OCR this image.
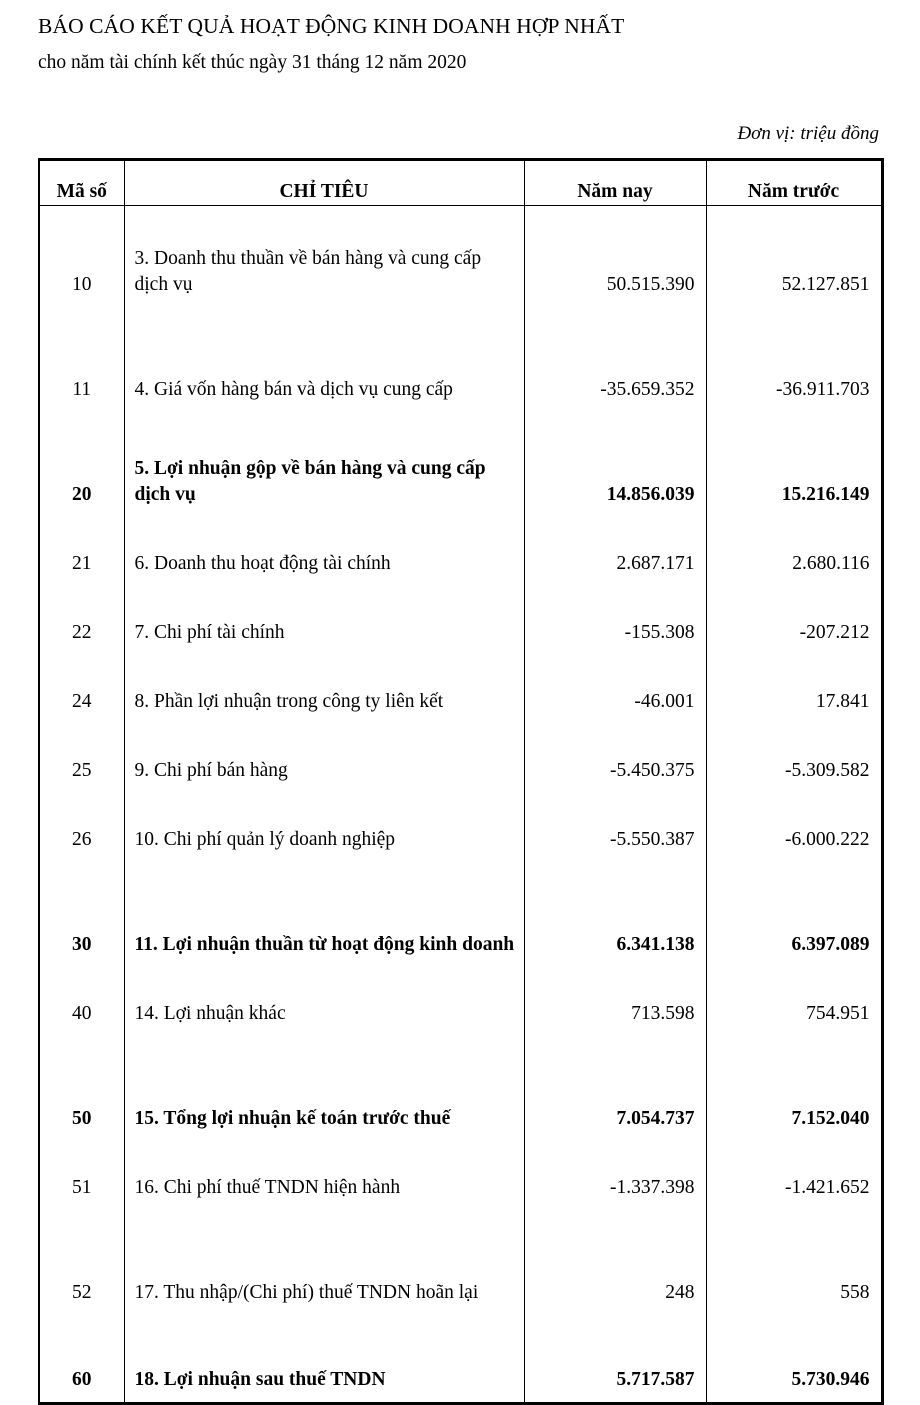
BÁO CÁO KẾT QUẢ HOẠT ĐỘNG KINH DOANH HỢP NHẤT
cho năm tài chính kết thúc ngày 31 tháng 12 năm 2020
Đơn vị: triệu đồng
Mã số	CHỈ TIÊU	Năm nay	Năm trước
10	3. Doanh thu thuần về bán hàng và cung cấp dịch vụ	50.515.390	52.127.851
11	4. Giá vốn hàng bán và dịch vụ cung cấp	-35.659.352	-36.911.703
20	5. Lợi nhuận gộp về bán hàng và cung cấp dịch vụ	14.856.039	15.216.149
21	6. Doanh thu hoạt động tài chính	2.687.171	2.680.116
22	7. Chi phí tài chính	-155.308	-207.212
24	8. Phần lợi nhuận trong công ty liên kết	-46.001	17.841
25	9. Chi phí bán hàng	-5.450.375	-5.309.582
26	10. Chi phí quản lý doanh nghiệp	-5.550.387	-6.000.222
30	11. Lợi nhuận thuần từ hoạt động kinh doanh	6.341.138	6.397.089
40	14. Lợi nhuận khác	713.598	754.951
50	15. Tổng lợi nhuận kế toán trước thuế	7.054.737	7.152.040
51	16. Chi phí thuế TNDN hiện hành	-1.337.398	-1.421.652
52	17. Thu nhập/(Chi phí) thuế TNDN hoãn lại	248	558
60	18. Lợi nhuận sau thuế TNDN	5.717.587	5.730.946
